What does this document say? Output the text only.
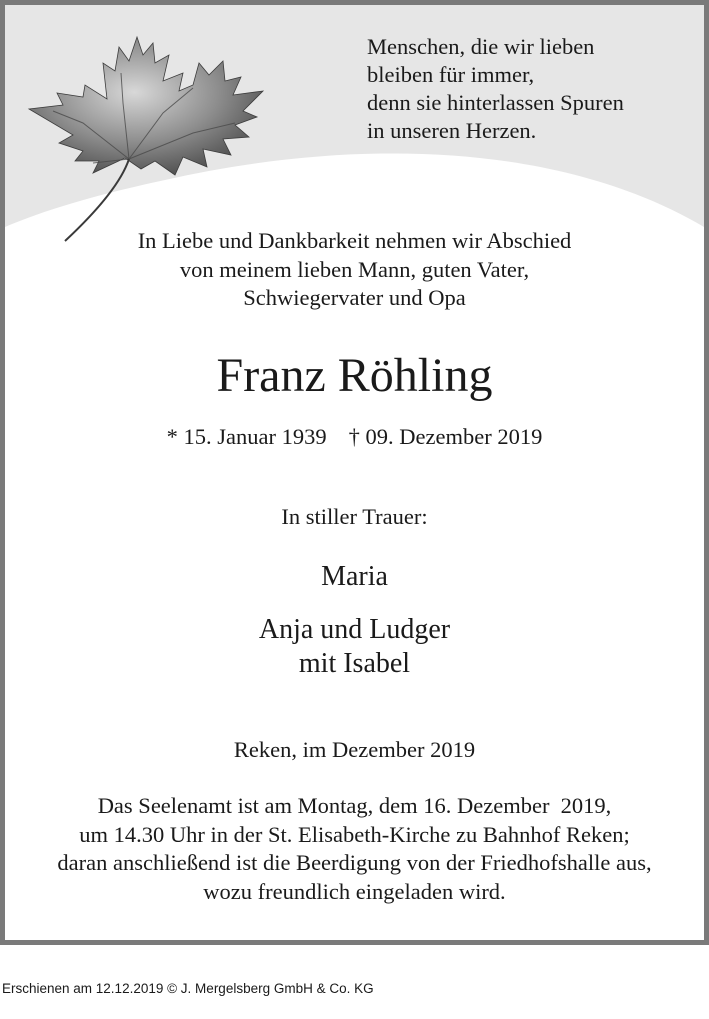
Menschen, die wir lieben
bleiben für immer,
denn sie hinterlassen Spuren
in unseren Herzen.
In Liebe und Dankbarkeit nehmen wir Abschied
von meinem lieben Mann, guten Vater,
Schwiegervater und Opa
Franz Röhling
* 15. Januar 1939 † 09. Dezember 2019
In stiller Trauer:
Maria
Anja und Ludger
mit Isabel
Reken, im Dezember 2019
Das Seelenamt ist am Montag, dem 16. Dezember  2019,
um 14.30 Uhr in der St. Elisabeth-Kirche zu Bahnhof Reken;
daran anschließend ist die Beerdigung von der Friedhofshalle aus,
wozu freundlich eingeladen wird.
Erschienen am 12.12.2019 © J. Mergelsberg GmbH & Co. KG
